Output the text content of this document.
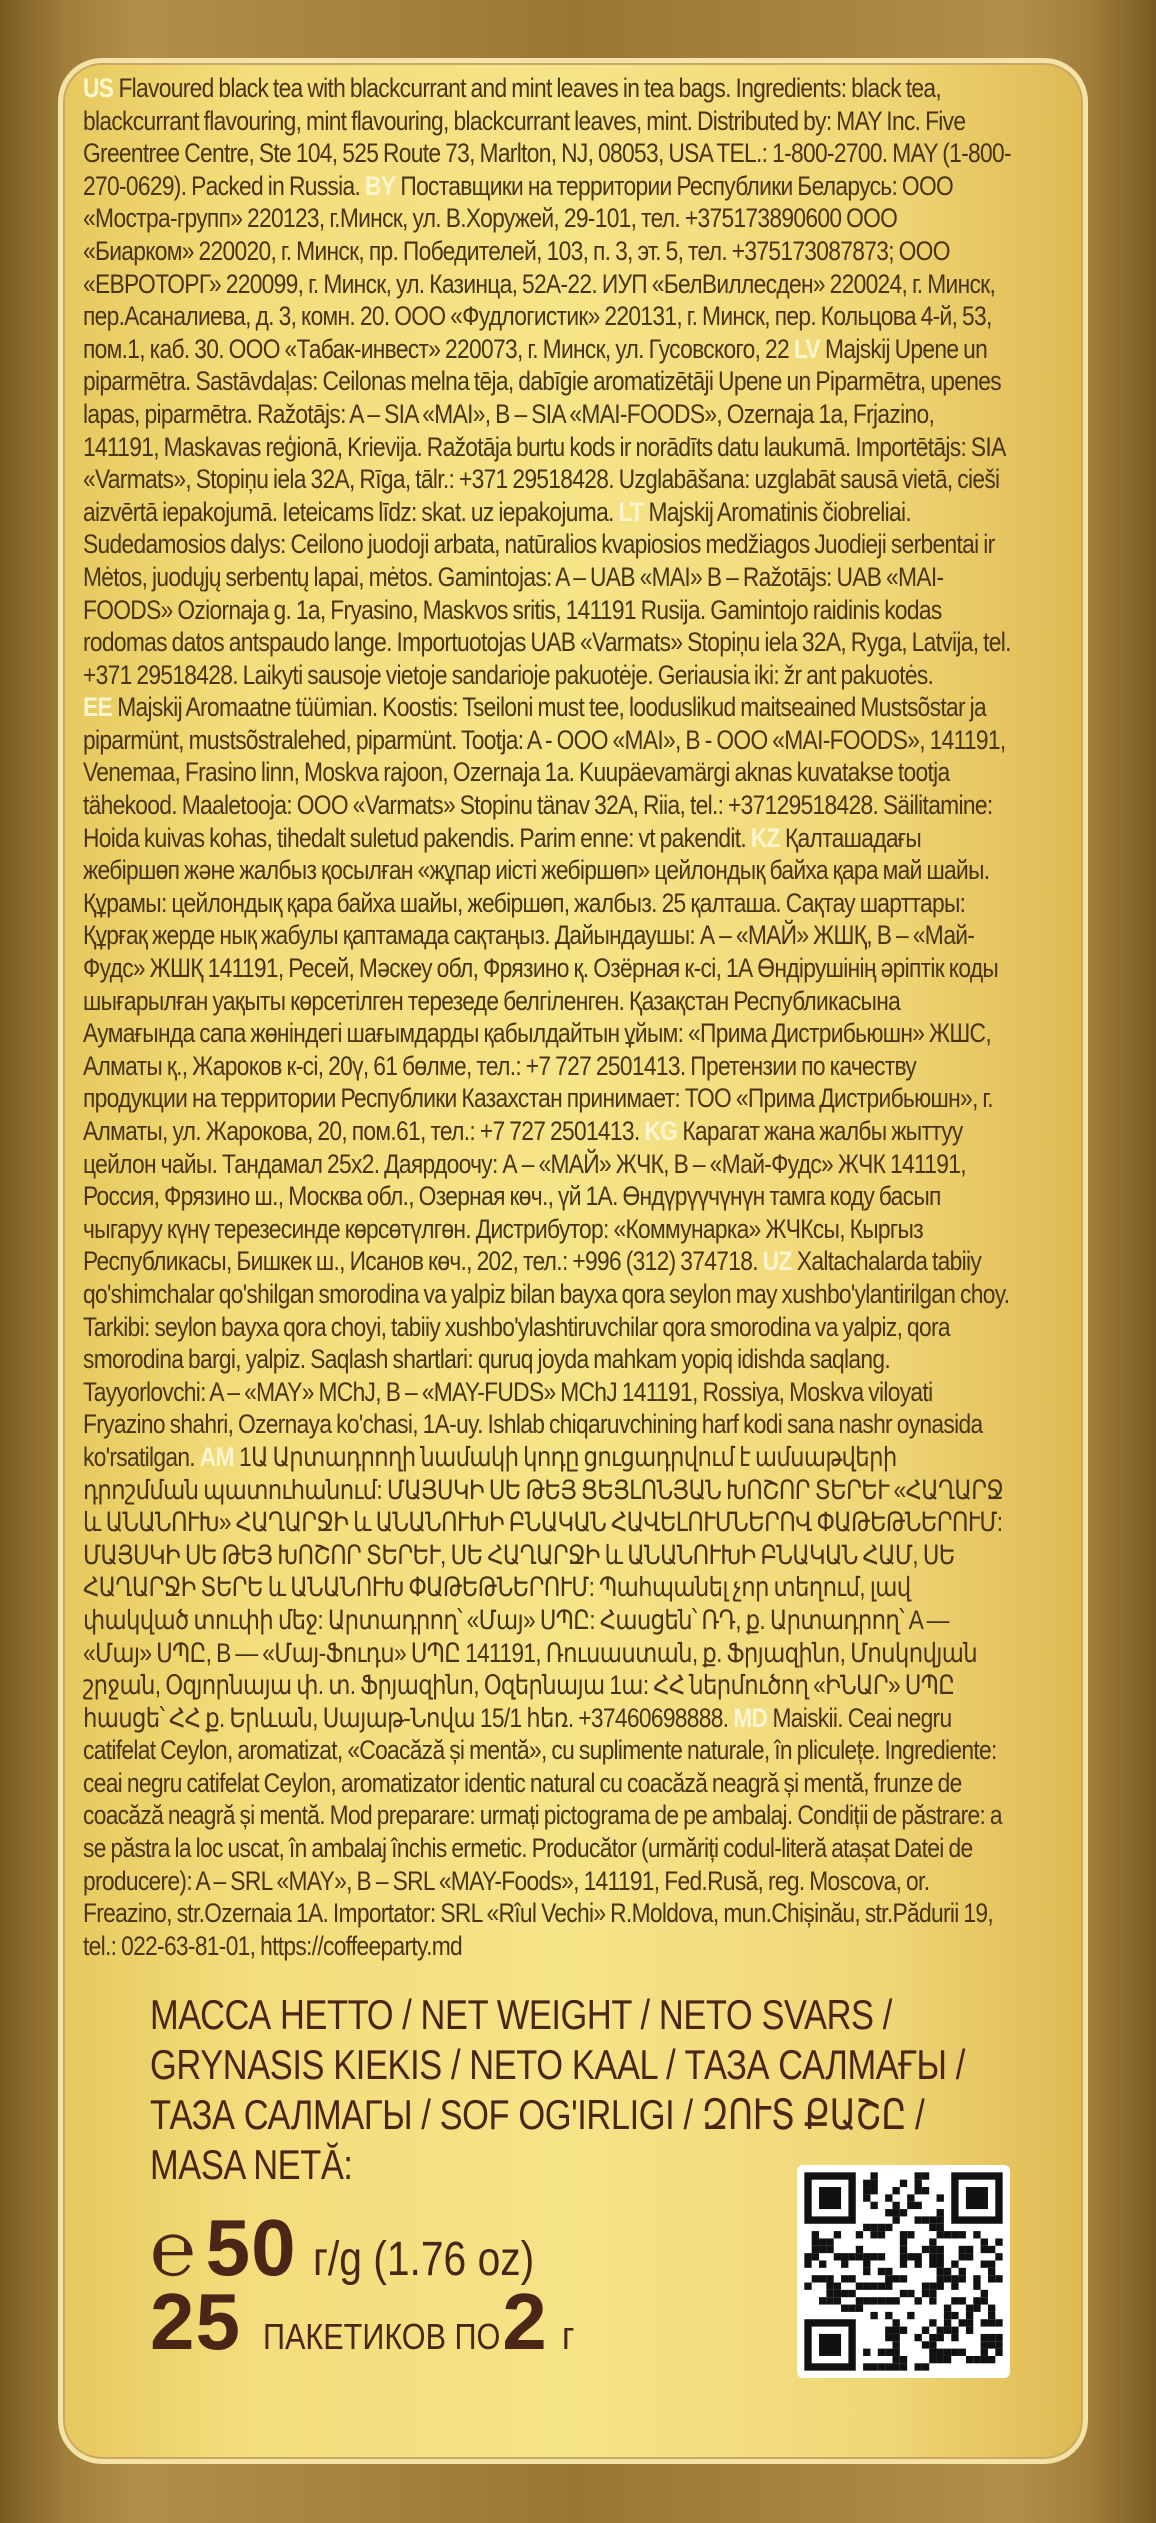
US Flavoured black tea with blackcurrant and mint leaves in tea bags. Ingredients: black tea, blackcurrant flavouring, mint flavouring, blackcurrant leaves, mint. Distributed by: MAY Inc. Five Greentree Centre, Ste 104, 525 Route 73, Marlton, NJ, 08053, USA TEL.: 1-800-2700. MAY (1-800-270-0629). Packed in Russia. BY Поставщики на территории Республики Беларусь: ООО «Мостра-групп» 220123, г.Минск, ул. В.Хоружей, 29-101, тел. +375173890600 ООО «Биарком» 220020, г. Минск, пр. Победителей, 103, п. 3, эт. 5, тел. +375173087873; ООО «ЕВРОТОРГ» 220099, г. Минск, ул. Казинца, 52А-22. ИУП «БелВиллесден» 220024, г. Минск, пер.Асаналиева, д. 3, комн. 20. ООО «Фудлогистик» 220131, г. Минск, пер. Кольцова 4-й, 53, пом.1, каб. 30. ООО «Табак-инвест» 220073, г. Минск, ул. Гусовского, 22 LV Majskij Upene un piparmētra. Sastāvdaļas: Ceilonas melna tēja, dabīgie aromatizētāji Upene un Piparmētra, upenes lapas, piparmētra. Ražotājs: A – SIA «MAI», B – SIA «MAI-FOODS», Ozernaja 1a, Frjazino, 141191, Maskavas reģionā, Krievija. Ražotāja burtu kods ir norādīts datu laukumā. Importētājs: SIA «Varmats», Stopiņu iela 32A, Rīga, tālr.: +371 29518428. Uzglabāšana: uzglabāt sausā vietā, cieši aizvērtā iepakojumā. Ieteicams līdz: skat. uz iepakojuma. LT Majskij Aromatinis čiobreliai. Sudedamosios dalys: Ceilono juodoji arbata, natūralios kvapiosios medžiagos Juodieji serbentai ir Mėtos, juodųjų serbentų lapai, mėtos. Gamintojas: A – UAB «MAI» B – Ražotājs: UAB «MAI-FOODS» Oziornaja g. 1a, Fryasino, Maskvos sritis, 141191 Rusija. Gamintojo raidinis kodas rodomas datos antspaudo lange. Importuotojas UAB «Varmats» Stopiņu iela 32A, Ryga, Latvija, tel. +371 29518428. Laikyti sausoje vietoje sandarioje pakuotėje. Geriausia iki: žr ant pakuotės. EE Majskij Aromaatne tüümian. Koostis: Tseiloni must tee, looduslikud maitseained Mustsõstar ja piparmünt, mustsõstralehed, piparmünt. Tootja: A - OOO «MAI», B - OOO «MAI-FOODS», 141191, Venemaa, Frasino linn, Moskva rajoon, Ozernaja 1a. Kuupäevamärgi aknas kuvatakse tootja tähekood. Maaletooja: OOO «Varmats» Stopinu tänav 32A, Riia, tel.: +37129518428. Säilitamine: Hoida kuivas kohas, tihedalt suletud pakendis. Parim enne: vt pakendit. KZ Қалташадағы жебіршөп және жалбыз қосылған «жұпар иісті жебіршөп» цейлондық байха қара май шайы. Құрамы: цейлондық қара байха шайы, жебіршөп, жалбыз. 25 қалташа. Сақтау шарттары: Құрғақ жерде нық жабулы қаптамада сақтаңыз. Дайындаушы: А – «МАЙ» ЖШҚ, В – «Май-Фудс» ЖШҚ 141191, Ресей, Мәскеу обл, Фрязино қ. Озёрная к-сі, 1А Өндірушінің әріптік коды шығарылған уақыты көрсетілген терезеде белгіленген. Қазақстан Республикасына Аумағында сапа жөніндегі шағымдарды қабылдайтын ұйым: «Прима Дистрибьюшн» ЖШС, Алматы қ., Жароков к-сі, 20ү, 61 бөлме, тел.: +7 727 2501413. Претензии по качеству продукции на территории Республики Казахстан принимает: ТОО «Прима Дистрибьюшн», г. Алматы, ул. Жарокова, 20, пом.61, тел.: +7 727 2501413. KG Карагат жана жалбы жыттуу цейлон чайы. Тандамал 25х2. Даярдоочу: А – «МАЙ» ЖЧК, В – «Май-Фудс» ЖЧК 141191, Россия, Фрязино ш., Москва обл., Озерная көч., үй 1А. Өндүрүүчүнүн тамга коду басып чыгаруу күнү терезесинде көрсөтүлгөн. Дистрибутор: «Коммунарка» ЖЧКсы, Кыргыз Республикасы, Бишкек ш., Исанов көч., 202, тел.: +996 (312) 374718. UZ Xaltachalarda tabiiy qo'shimchalar qo'shilgan smorodina va yalpiz bilan bayxa qora seylon may xushbo'ylantirilgan choy. Tarkibi: seylon bayxa qora choyi, tabiiy xushbo'ylashtiruvchilar qora smorodina va yalpiz, qora smorodina bargi, yalpiz. Saqlash shartlari: quruq joyda mahkam yopiq idishda saqlang. Tayyorlovchi: A – «MAY» MChJ, B – «MAY-FUDS» MChJ 141191, Rossiya, Moskva viloyati Fryazino shahri, Ozernaya ko'chasi, 1A-uy. Ishlab chiqaruvchining harf kodi sana nashr oynasida ko'rsatilgan. AM 1Ա Արտադրողի նամակի կոդը ցուցադրվում է ամսաթվերի դրոշմման պատուհանում: ՄԱՅՍԿԻ ՍԵ ԹԵՅ ՑԵՅԼՈՆՅԱՆ ԽՈՇՈՐ ՏԵՐԵՒ «ՀԱՂԱՐՋ և ԱՆԱՆՈՒԽ» ՀԱՂԱՐՋԻ և ԱՆԱՆՈՒԽԻ ԲՆԱԿԱՆ ՀԱՎԵԼՈՒՄՆԵՐՈՎ ՓԱԹԵԹՆԵՐՈՒՄ: ՄԱՅՍԿԻ ՍԵ ԹԵՅ ԽՈՇՈՐ ՏԵՐԵՒ, ՍԵ ՀԱՂԱՐՋԻ և ԱՆԱՆՈՒԽԻ ԲՆԱԿԱՆ ՀԱՄ, ՍԵ ՀԱՂԱՐՋԻ ՏԵՐԵ և ԱՆԱՆՈՒԽ ՓԱԹԵԹՆԵՐՈՒՄ: Պահպանել չոր տեղում, լավ փակված տուփի մեջ: Արտադրող՝ «Մայ» ՍՊԸ: Հասցեն՝ ՌԴ, ք. Արտադրող՝ A — «Մայ» ՍՊԸ, B — «Մայ-Ֆուդս» ՍՊԸ 141191, Ռուսաստան, ք. Ֆրյազինո, Մոսկովյան շրջան, Օզյորնայա փ. տ. Ֆրյազինո, Օզերնայա 1ա: ՀՀ ներմուծող «ԻՆԱՐ» ՍՊԸ հասցե՝ ՀՀ ք. Երևան, Սայաթ-Նովա 15/1 հեռ. +37460698888. MD Maiskii. Ceai negru catifelat Ceylon, aromatizat, «Coacăză și mentă», cu suplimente naturale, în pliculețe. Ingrediente: ceai negru catifelat Ceylon, aromatizator identic natural cu coacăză neagră și mentă, frunze de coacăză neagră și mentă. Mod preparare: urmați pictograma de pe ambalaj. Condiții de păstrare: a se păstra la loc uscat, în ambalaj închis ermetic. Producător (urmăriți codul-literă atașat Datei de producere): A – SRL «MAY», B – SRL «MAY-Foods», 141191, Fed.Rusă, reg. Moscova, or. Freazino, str.Ozernaia 1A. Importator: SRL «Rîul Vechi» R.Moldova, mun.Chișinău, str.Pădurii 19, tel.: 022-63-81-01, https://coffeeparty.md
МАССА НЕТТО / NET WEIGHT / NETO SVARS / GRYNASIS KIEKIS / NETO KAAL / ТАЗА САЛМАҒЫ / ТАЗА САЛМАГЫ / SOF OG'IRLIGI / ԶՈՒՏ ՔԱՇԸ / MASA NETĂ:
℮ 50 г/g (1.76 oz)
25 ПАКЕТИКОВ ПО 2 г
